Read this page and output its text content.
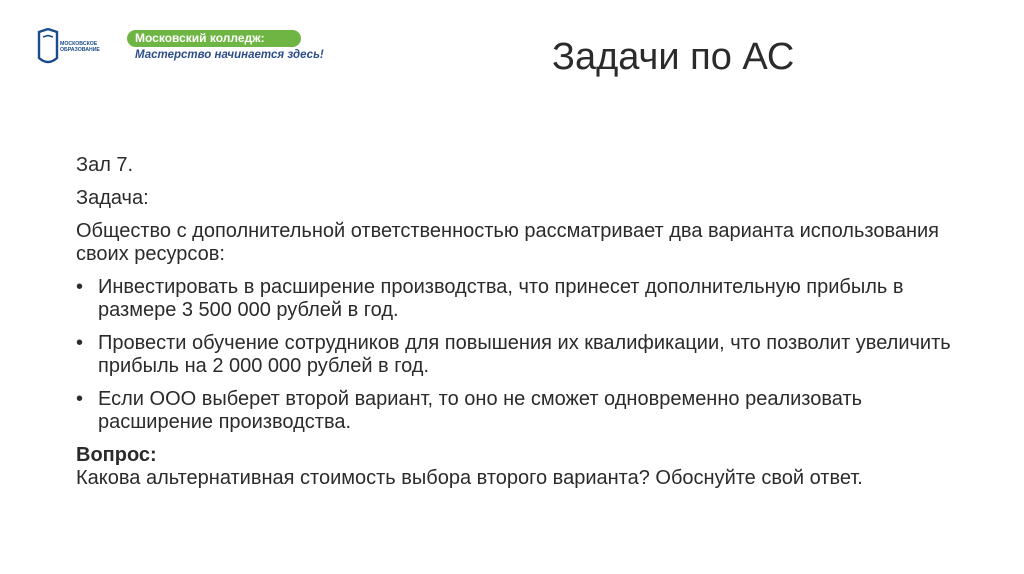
МОСКОВСКОЕ
ОБРАЗОВАНИЕ
Московский колледж:
Мастерство начинается здесь!	Задачи по АС

Зал 7.

Задача:

Общество с дополнительной ответственностью рассматривает два варианта использования своих ресурсов:

• Инвестировать в расширение производства, что принесет дополнительную прибыль в размере 3 500 000 рублей в год.
• Провести обучение сотрудников для повышения их квалификации, что позволит увеличить прибыль на 2 000 000 рублей в год.
• Если ООО выберет второй вариант, то оно не сможет одновременно реализовать расширение производства.

Вопрос:
Какова альтернативная стоимость выбора второго варианта? Обоснуйте свой ответ.
